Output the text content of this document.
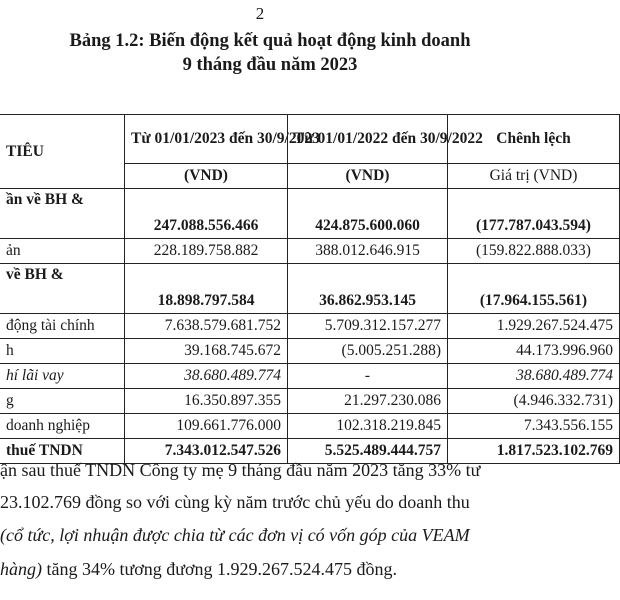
2
Bảng 1.2: Biến động kết quả hoạt động kinh doanh
9 tháng đầu năm 2023
TIÊU	Từ 01/01/2023 đến 30/9/2023	Từ 01/01/2022 đến 30/9/2022	Chênh lệch
	(VND)	(VND)	Giá trị (VND)
ần về BH &	247.088.556.466	424.875.600.060	(177.787.043.594)
ản	228.189.758.882	388.012.646.915	(159.822.888.033)
về BH &	18.898.797.584	36.862.953.145	(17.964.155.561)
động tài chính	7.638.579.681.752	5.709.312.157.277	1.929.267.524.475
h	39.168.745.672	(5.005.251.288)	44.173.996.960
hí lãi vay	38.680.489.774	-	38.680.489.774
g	16.350.897.355	21.297.230.086	(4.946.332.731)
doanh nghiệp	109.661.776.000	102.318.219.845	7.343.556.155
thuế TNDN	7.343.012.547.526	5.525.489.444.757	1.817.523.102.769
ận sau thuế TNDN Công ty mẹ 9 tháng đầu năm 2023 tăng 33% tư
23.102.769 đồng so với cùng kỳ năm trước chủ yếu do doanh thu
(cổ tức, lợi nhuận được chia từ các đơn vị có vốn góp của VEAM
hàng) tăng 34% tương đương 1.929.267.524.475 đồng.
